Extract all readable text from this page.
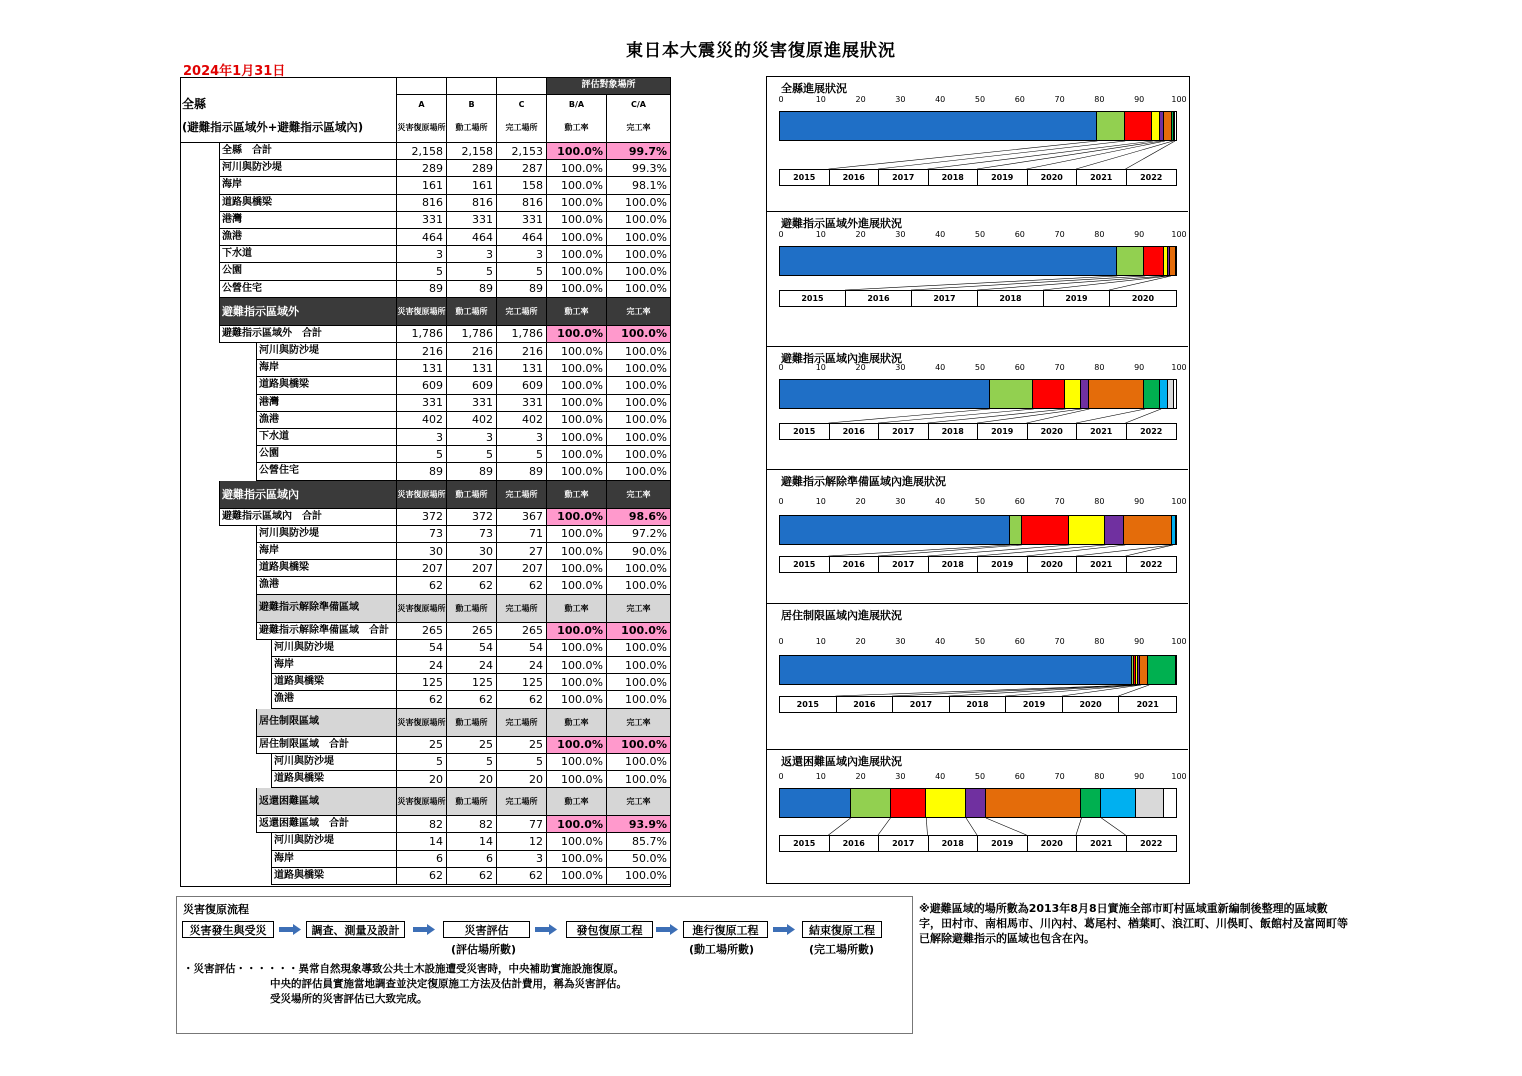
東日本大震災的災害復原進展狀況
2024年1月31日
評估對象場所
全縣	A	B	C	B/A	C/A
(避難指示區域外+避難指示區域內)	災害復原場所	動工場所	完工場所	動工率	完工率
全縣　合計	2,158	2,158	2,153	100.0%	99.7%
河川與防沙堤	289	289	287	100.0%	99.3%
海岸	161	161	158	100.0%	98.1%
道路與橋梁	816	816	816	100.0%	100.0%
港灣	331	331	331	100.0%	100.0%
漁港	464	464	464	100.0%	100.0%
下水道	3	3	3	100.0%	100.0%
公園	5	5	5	100.0%	100.0%
公營住宅	89	89	89	100.0%	100.0%
避難指示區域外	災害復原場所	動工場所	完工場所	動工率	完工率
避難指示區域外　合計	1,786	1,786	1,786	100.0%	100.0%
河川與防沙堤	216	216	216	100.0%	100.0%
海岸	131	131	131	100.0%	100.0%
道路與橋梁	609	609	609	100.0%	100.0%
港灣	331	331	331	100.0%	100.0%
漁港	402	402	402	100.0%	100.0%
下水道	3	3	3	100.0%	100.0%
公園	5	5	5	100.0%	100.0%
公營住宅	89	89	89	100.0%	100.0%
避難指示區域內	災害復原場所	動工場所	完工場所	動工率	完工率
避難指示區域內　合計	372	372	367	100.0%	98.6%
河川與防沙堤	73	73	71	100.0%	97.2%
海岸	30	30	27	100.0%	90.0%
道路與橋梁	207	207	207	100.0%	100.0%
漁港	62	62	62	100.0%	100.0%
避難指示解除準備區域	災害復原場所	動工場所	完工場所	動工率	完工率
避難指示解除準備區域　合計	265	265	265	100.0%	100.0%
河川與防沙堤	54	54	54	100.0%	100.0%
海岸	24	24	24	100.0%	100.0%
道路與橋梁	125	125	125	100.0%	100.0%
漁港	62	62	62	100.0%	100.0%
居住制限區域	災害復原場所	動工場所	完工場所	動工率	完工率
居住制限區域　合計	25	25	25	100.0%	100.0%
河川與防沙堤	5	5	5	100.0%	100.0%
道路與橋梁	20	20	20	100.0%	100.0%
返還困難區域	災害復原場所	動工場所	完工場所	動工率	完工率
返還困難區域　合計	82	82	77	100.0%	93.9%
河川與防沙堤	14	14	12	100.0%	85.7%
海岸	6	6	3	100.0%	50.0%
道路與橋梁	62	62	62	100.0%	100.0%
全縣進展狀況
0	10	20	30	40	50	60	70	80	90	100
2015	2016	2017	2018	2019	2020	2021	2022
避難指示區域外進展狀況
0	10	20	30	40	50	60	70	80	90	100
2015	2016	2017	2018	2019	2020
避難指示區域內進展狀況
0	10	20	30	40	50	60	70	80	90	100
2015	2016	2017	2018	2019	2020	2021	2022
避難指示解除準備區域內進展狀況
0	10	20	30	40	50	60	70	80	90	100
2015	2016	2017	2018	2019	2020	2021	2022
居住制限區域內進展狀況
0	10	20	30	40	50	60	70	80	90	100
2015	2016	2017	2018	2019	2020	2021
返還困難區域內進展狀況
0	10	20	30	40	50	60	70	80	90	100
2015	2016	2017	2018	2019	2020	2021	2022
災害復原流程
災害發生與受災	調查、測量及設計	災害評估	發包復原工程	進行復原工程	結束復原工程
(評估場所數)	(動工場所數)	(完工場所數)
・災害評估・・・・・・異常自然現象導致公共土木設施遭受災害時，中央補助實施設施復原。
中央的評估員實施當地調查並決定復原施工方法及估計費用，稱為災害評估。
受災場所的災害評估已大致完成。
※避難區域的場所數為2013年8月8日實施全部市町村區域重新編制後整理的區域數字，田村市、南相馬市、川內村、葛尾村、楢葉町、浪江町、川俁町、飯館村及富岡町等已解除避難指示的區域也包含在內。
